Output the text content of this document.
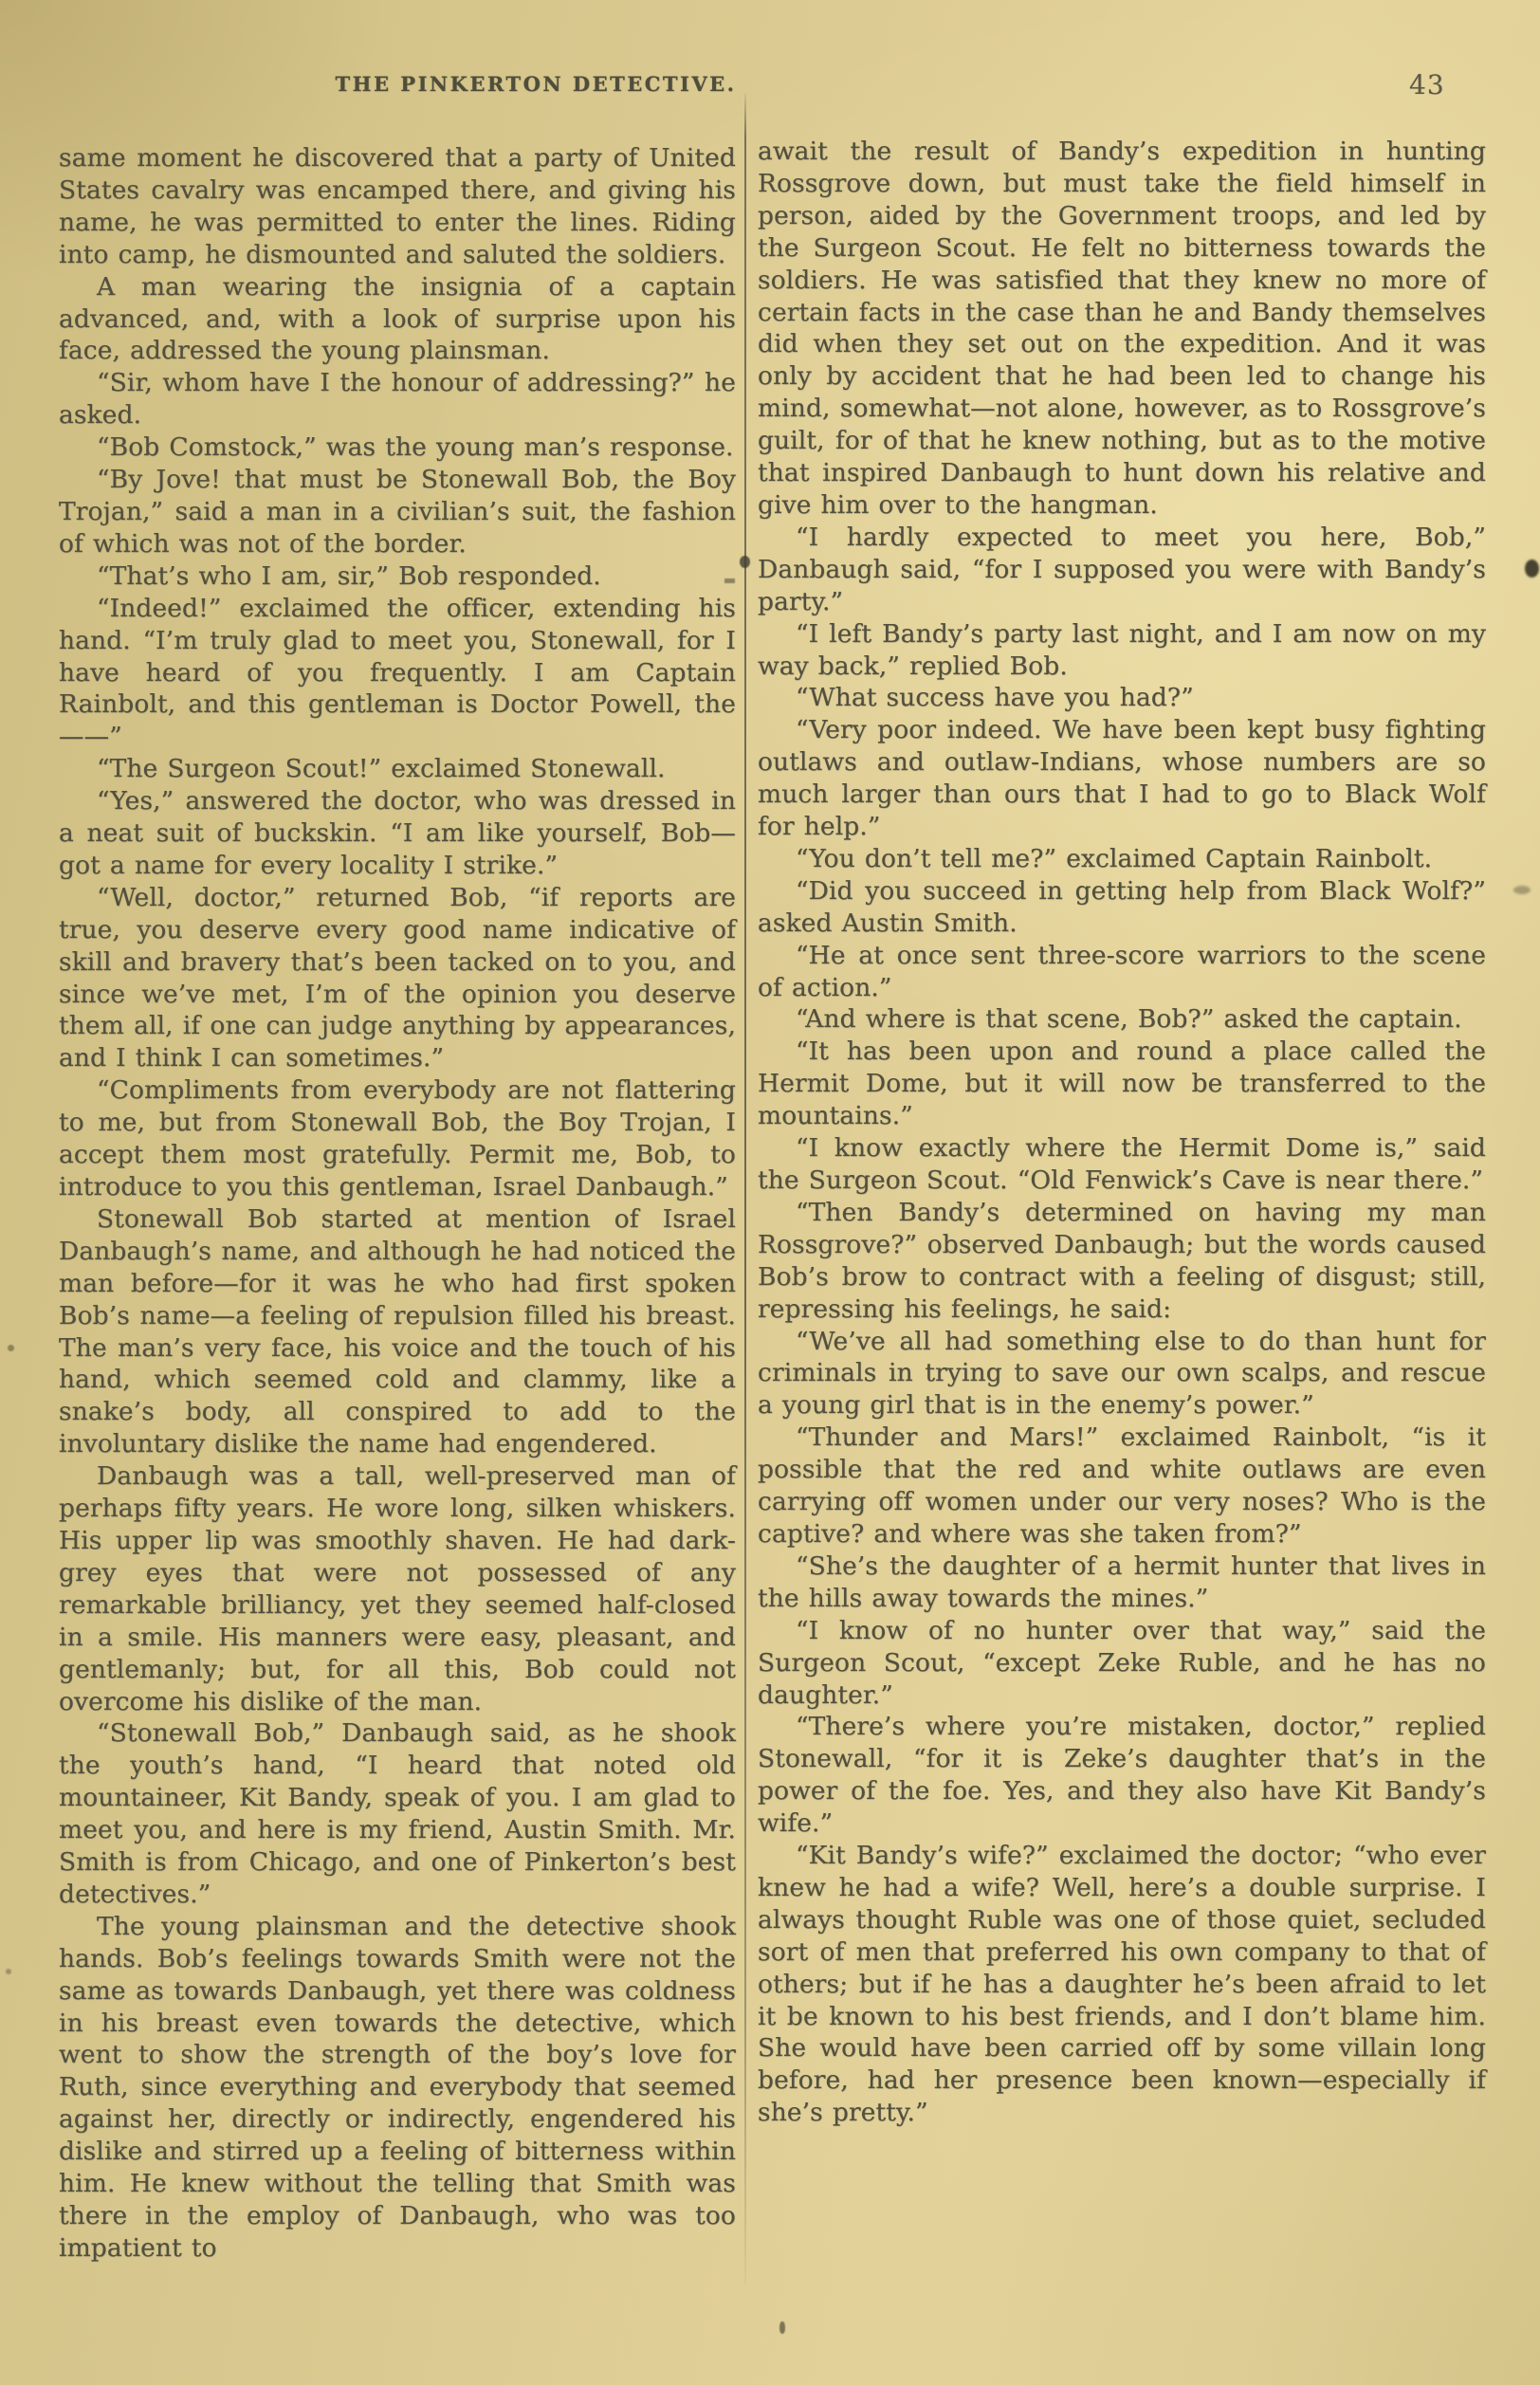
THE PINKERTON DETECTIVE.	43

same moment he discovered that a party of United States cavalry was encamped there, and giving his name, he was permitted to enter the lines. Riding into camp, he dismounted and saluted the soldiers.

A man wearing the insignia of a captain advanced, and, with a look of surprise upon his face, addressed the young plainsman.

“Sir, whom have I the honour of addressing?” he asked.

“Bob Comstock,” was the young man’s response.

“By Jove! that must be Stonewall Bob, the Boy Trojan,” said a man in a civilian’s suit, the fashion of which was not of the border.

“That’s who I am, sir,” Bob responded.

“Indeed!” exclaimed the officer, extending his hand. “I’m truly glad to meet you, Stonewall, for I have heard of you frequently. I am Captain Rainbolt, and this gentleman is Doctor Powell, the——”

“The Surgeon Scout!” exclaimed Stonewall.

“Yes,” answered the doctor, who was dressed in a neat suit of buckskin. “I am like yourself, Bob—got a name for every locality I strike.”

“Well, doctor,” returned Bob, “if reports are true, you deserve every good name indicative of skill and bravery that’s been tacked on to you, and since we’ve met, I’m of the opinion you deserve them all, if one can judge anything by appearances, and I think I can sometimes.”

“Compliments from everybody are not flattering to me, but from Stonewall Bob, the Boy Trojan, I accept them most gratefully. Permit me, Bob, to introduce to you this gentleman, Israel Danbaugh.”

Stonewall Bob started at mention of Israel Danbaugh’s name, and although he had noticed the man before—for it was he who had first spoken Bob’s name—a feeling of repulsion filled his breast. The man’s very face, his voice and the touch of his hand, which seemed cold and clammy, like a snake’s body, all conspired to add to the involuntary dislike the name had engendered.

Danbaugh was a tall, well-preserved man of perhaps fifty years. He wore long, silken whiskers. His upper lip was smoothly shaven. He had dark-grey eyes that were not possessed of any remarkable brilliancy, yet they seemed half-closed in a smile. His manners were easy, pleasant, and gentlemanly; but, for all this, Bob could not overcome his dislike of the man.

“Stonewall Bob,” Danbaugh said, as he shook the youth’s hand, “I heard that noted old mountaineer, Kit Bandy, speak of you. I am glad to meet you, and here is my friend, Austin Smith. Mr. Smith is from Chicago, and one of Pinkerton’s best detectives.”

The young plainsman and the detective shook hands. Bob’s feelings towards Smith were not the same as towards Danbaugh, yet there was coldness in his breast even towards the detective, which went to show the strength of the boy’s love for Ruth, since everything and everybody that seemed against her, directly or indirectly, engendered his dislike and stirred up a feeling of bitterness within him. He knew without the telling that Smith was there in the employ of Danbaugh, who was too impatient to

await the result of Bandy’s expedition in hunting Rossgrove down, but must take the field himself in person, aided by the Government troops, and led by the Surgeon Scout. He felt no bitterness towards the soldiers. He was satisfied that they knew no more of certain facts in the case than he and Bandy themselves did when they set out on the expedition. And it was only by accident that he had been led to change his mind, somewhat—not alone, however, as to Rossgrove’s guilt, for of that he knew nothing, but as to the motive that inspired Danbaugh to hunt down his relative and give him over to the hangman.

“I hardly expected to meet you here, Bob,” Danbaugh said, “for I supposed you were with Bandy’s party.”

“I left Bandy’s party last night, and I am now on my way back,” replied Bob.

“What success have you had?”

“Very poor indeed. We have been kept busy fighting outlaws and outlaw-Indians, whose numbers are so much larger than ours that I had to go to Black Wolf for help.”

“You don’t tell me?” exclaimed Captain Rainbolt.

“Did you succeed in getting help from Black Wolf?” asked Austin Smith.

“He at once sent three-score warriors to the scene of action.”

“And where is that scene, Bob?” asked the captain.

“It has been upon and round a place called the Hermit Dome, but it will now be transferred to the mountains.”

“I know exactly where the Hermit Dome is,” said the Surgeon Scout. “Old Fenwick’s Cave is near there.”

“Then Bandy’s determined on having my man Rossgrove?” observed Danbaugh; but the words caused Bob’s brow to contract with a feeling of disgust; still, repressing his feelings, he said:

“We’ve all had something else to do than hunt for criminals in trying to save our own scalps, and rescue a young girl that is in the enemy’s power.”

“Thunder and Mars!” exclaimed Rainbolt, “is it possible that the red and white outlaws are even carrying off women under our very noses? Who is the captive? and where was she taken from?”

“She’s the daughter of a hermit hunter that lives in the hills away towards the mines.”

“I know of no hunter over that way,” said the Surgeon Scout, “except Zeke Ruble, and he has no daughter.”

“There’s where you’re mistaken, doctor,” replied Stonewall, “for it is Zeke’s daughter that’s in the power of the foe. Yes, and they also have Kit Bandy’s wife.”

“Kit Bandy’s wife?” exclaimed the doctor; “who ever knew he had a wife? Well, here’s a double surprise. I always thought Ruble was one of those quiet, secluded sort of men that preferred his own company to that of others; but if he has a daughter he’s been afraid to let it be known to his best friends, and I don’t blame him. She would have been carried off by some villain long before, had her presence been known—especially if she’s pretty.”
